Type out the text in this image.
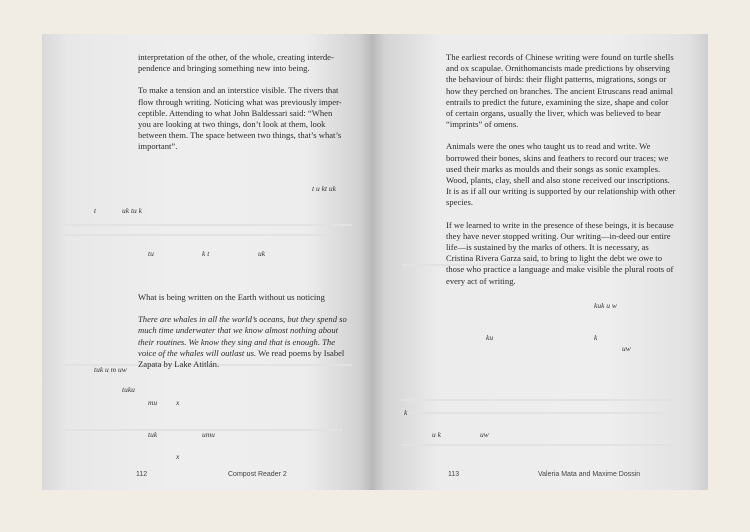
interpretation of the other, of the whole, creating interde-pendence and bringing something new into being.

To make a tension and an interstice visible. The rivers that flow through writing. Noticing what was previously imper-ceptible. Attending to what John Baldessari said: “When you are looking at two things, don’t look at them, look between them. The space between two things, that’s what’s important”.

t u kt uk
t	uk tu k
tu	k t	uk

What is being written on the Earth without us noticing

There are whales in all the world’s oceans, but they spend so much time underwater that we know almost nothing about their routines. We know they sing and that is enough. The voice of the whales will outlast us. We read poems by Isabel Zapata by Lake Atitlán.

tuk u m uw
tuku
mu	x
tuk	umu
x
112	Compost Reader 2

The earliest records of Chinese writing were found on turtle shells and ox scapulae. Ornithomancists made predictions by observing the behaviour of birds: their flight patterns, migrations, songs or how they perched on branches. The ancient Etruscans read animal entrails to predict the future, examining the size, shape and color of certain organs, usually the liver, which was believed to bear “imprints” of omens.

Animals were the ones who taught us to read and write. We borrowed their bones, skins and feathers to record our traces; we used their marks as moulds and their songs as sonic examples. Wood, plants, clay, shell and also stone received our inscriptions. It is as if all our writing is supported by our relationship with other species.

If we learned to write in the presence of these beings, it is because they have never stopped writing. Our writing—in-deed our entire life—is sustained by the marks of others. It is necessary, as Cristina Rivera Garza said, to bring to light the debt we owe to those who practice a language and make visible the plural roots of every act of writing.

kuk u w
ku	k
uw
k
u k	uw
113	Valeria Mata and Maxime Dossin
